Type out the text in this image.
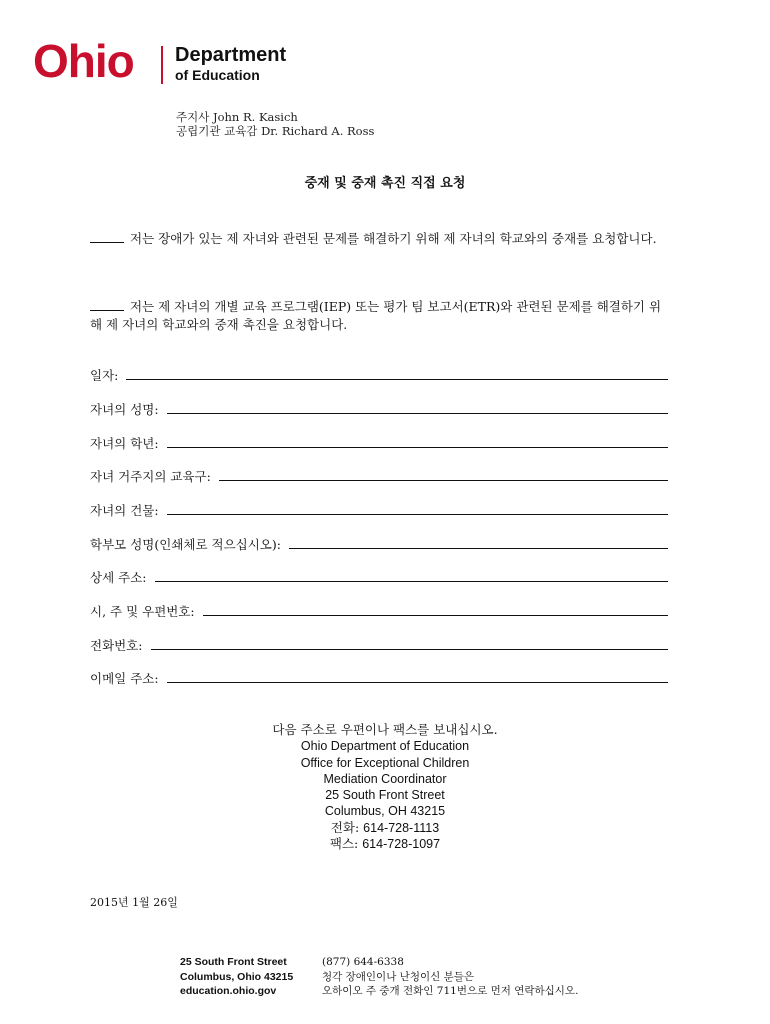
Ohio Department
of Education
주지사 John R. Kasich
공립기관 교육감 Dr. Richard A. Ross
중재 및 중재 촉진 직접 요청
저는 장애가 있는 제 자녀와 관련된 문제를 해결하기 위해 제 자녀의 학교와의 중재를 요청합니다.
저는 제 자녀의 개별 교육 프로그램(IEP) 또는 평가 팀 보고서(ETR)와 관련된 문제를 해결하기 위해 제 자녀의 학교와의 중재 촉진을 요청합니다.
일자:
자녀의 성명:
자녀의 학년:
자녀 거주지의 교육구:
자녀의 건물:
학부모 성명(인쇄체로 적으십시오):
상세 주소:
시, 주 및 우편번호:
전화번호:
이메일 주소:
다음 주소로 우편이나 팩스를 보내십시오.
Ohio Department of Education
Office for Exceptional Children
Mediation Coordinator
25 South Front Street
Columbus, OH 43215
전화: 614-728-1113
팩스: 614-728-1097
2015년 1월 26일
25 South Front Street
Columbus, Ohio 43215
education.ohio.gov
(877) 644-6338
청각 장애인이나 난청이신 분들은
오하이오 주 중개 전화인 711번으로 먼저 연락하십시오.
